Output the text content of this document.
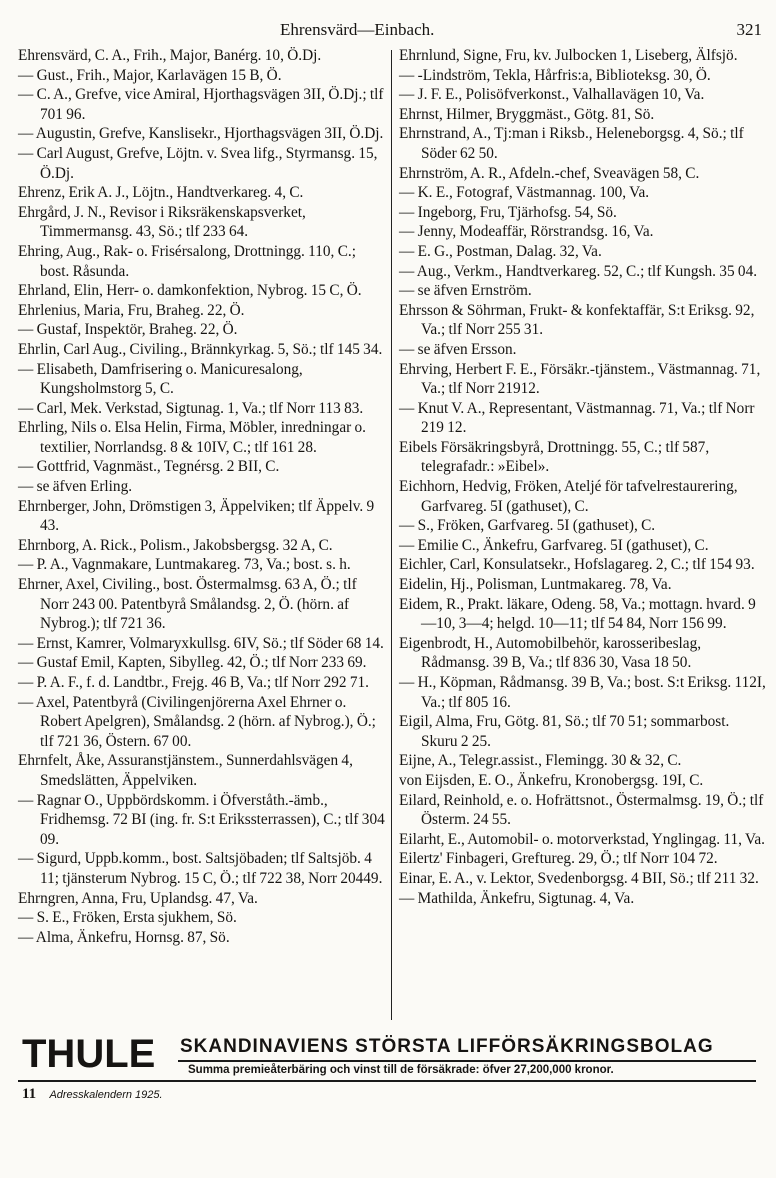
Ehrensvärd—Einbach.	321
Ehrensvärd, C. A., Frih., Major, Banérg. 10, Ö.Dj.
— Gust., Frih., Major, Karlavägen 15 B, Ö.
— C. A., Grefve, vice Amiral, Hjorthagsvägen 3II, Ö.Dj.; tlf 701 96.
— Augustin, Grefve, Kanslisekr., Hjorthagsvägen 3II, Ö.Dj.
— Carl August, Grefve, Löjtn. v. Svea lifg., Styrmansg. 15, Ö.Dj.
Ehrenz, Erik A. J., Löjtn., Handtverkareg. 4, C.
Ehrgård, J. N., Revisor i Riksräkenskapsverket, Timmermansg. 43, Sö.; tlf 233 64.
Ehring, Aug., Rak- o. Frisérsalong, Drottningg. 110, C.; bost. Råsunda.
Ehrland, Elin, Herr- o. damkonfektion, Nybrog. 15 C, Ö.
Ehrlenius, Maria, Fru, Braheg. 22, Ö.
— Gustaf, Inspektör, Braheg. 22, Ö.
Ehrlin, Carl Aug., Civiling., Brännkyrkag. 5, Sö.; tlf 145 34.
— Elisabeth, Damfrisering o. Manicuresalong, Kungsholmstorg 5, C.
— Carl, Mek. Verkstad, Sigtunag. 1, Va.; tlf Norr 113 83.
Ehrling, Nils o. Elsa Helin, Firma, Möbler, inredningar o. textilier, Norrlandsg. 8 & 10IV, C.; tlf 161 28.
— Gottfrid, Vagnmäst., Tegnérsg. 2 BII, C.
— se äfven Erling.
Ehrnberger, John, Drömstigen 3, Äppelviken; tlf Äppelv. 9 43.
Ehrnborg, A. Rick., Polism., Jakobsbergsg. 32 A, C.
— P. A., Vagnmakare, Luntmakareg. 73, Va.; bost. s. h.
Ehrner, Axel, Civiling., bost. Östermalmsg. 63 A, Ö.; tlf Norr 243 00. Patentbyrå Smålandsg. 2, Ö. (hörn. af Nybrog.); tlf 721 36.
— Ernst, Kamrer, Volmaryxkullsg. 6IV, Sö.; tlf Söder 68 14.
— Gustaf Emil, Kapten, Sibylleg. 42, Ö.; tlf Norr 233 69.
— P. A. F., f. d. Landtbr., Frejg. 46 B, Va.; tlf Norr 292 71.
— Axel, Patentbyrå (Civilingenjörerna Axel Ehrner o. Robert Apelgren), Smålandsg. 2 (hörn. af Nybrog.), Ö.; tlf 721 36, Östern. 67 00.
Ehrnfelt, Åke, Assuranstjänstem., Sunnerdahlsvägen 4, Smedslätten, Äppelviken.
— Ragnar O., Uppbördskomm. i Öfverståth.-ämb., Fridhemsg. 72 BI (ing. fr. S:t Erikssterrassen), C.; tlf 304 09.
— Sigurd, Uppb.komm., bost. Saltsjöbaden; tlf Saltsjöb. 4 11; tjänsterum Nybrog. 15 C, Ö.; tlf 722 38, Norr 20449.
Ehrngren, Anna, Fru, Uplandsg. 47, Va.
— S. E., Fröken, Ersta sjukhem, Sö.
— Alma, Änkefru, Hornsg. 87, Sö.
Ehrnlund, Signe, Fru, kv. Julbocken 1, Liseberg, Älfsjö.
— -Lindström, Tekla, Hårfris:a, Biblioteksg. 30, Ö.
— J. F. E., Polisöfverkonst., Valhallavägen 10, Va.
Ehrnst, Hilmer, Bryggmäst., Götg. 81, Sö.
Ehrnstrand, A., Tj:man i Riksb., Heleneborgsg. 4, Sö.; tlf Söder 62 50.
Ehrnström, A. R., Afdeln.-chef, Sveavägen 58, C.
— K. E., Fotograf, Västmannag. 100, Va.
— Ingeborg, Fru, Tjärhofsg. 54, Sö.
— Jenny, Modeaffär, Rörstrandsg. 16, Va.
— E. G., Postman, Dalag. 32, Va.
— Aug., Verkm., Handtverkareg. 52, C.; tlf Kungsh. 35 04.
— se äfven Ernström.
Ehrsson & Söhrman, Frukt- & konfektaffär, S:t Eriksg. 92, Va.; tlf Norr 255 31.
— se äfven Ersson.
Ehrving, Herbert F. E., Försäkr.-tjänstem., Västmannag. 71, Va.; tlf Norr 21912.
— Knut V. A., Representant, Västmannag. 71, Va.; tlf Norr 219 12.
Eibels Försäkringsbyrå, Drottningg. 55, C.; tlf 587, telegrafadr.: »Eibel».
Eichhorn, Hedvig, Fröken, Ateljé för tafvelrestaurering, Garfvareg. 5I (gathuset), C.
— S., Fröken, Garfvareg. 5I (gathuset), C.
— Emilie C., Änkefru, Garfvareg. 5I (gathuset), C.
Eichler, Carl, Konsulatsekr., Hofslagareg. 2, C.; tlf 154 93.
Eidelin, Hj., Polisman, Luntmakareg. 78, Va.
Eidem, R., Prakt. läkare, Odeng. 58, Va.; mottagn. hvard. 9—10, 3—4; helgd. 10—11; tlf 54 84, Norr 156 99.
Eigenbrodt, H., Automobilbehör, karosseribeslag, Rådmansg. 39 B, Va.; tlf 836 30, Vasa 18 50.
— H., Köpman, Rådmansg. 39 B, Va.; bost. S:t Eriksg. 112I, Va.; tlf 805 16.
Eigil, Alma, Fru, Götg. 81, Sö.; tlf 70 51; sommarbost. Skuru 2 25.
Eijne, A., Telegr.assist., Flemingg. 30 & 32, C.
von Eijsden, E. O., Änkefru, Kronobergsg. 19I, C.
Eilard, Reinhold, e. o. Hofrättsnot., Östermalmsg. 19, Ö.; tlf Österm. 24 55.
Eilarht, E., Automobil- o. motorverkstad, Ynglingag. 11, Va.
Eilertz' Finbageri, Greftureg. 29, Ö.; tlf Norr 104 72.
Einar, E. A., v. Lektor, Svedenborgsg. 4 BII, Sö.; tlf 211 32.
— Mathilda, Änkefru, Sigtunag. 4, Va.
THULE SKANDINAVIENS STÖRSTA LIFFÖRSÄKRINGSBOLAG
Summa premieåterbäring och vinst till de försäkrade: öfver 27,200,000 kronor.
11 Adresskalendern 1925.
